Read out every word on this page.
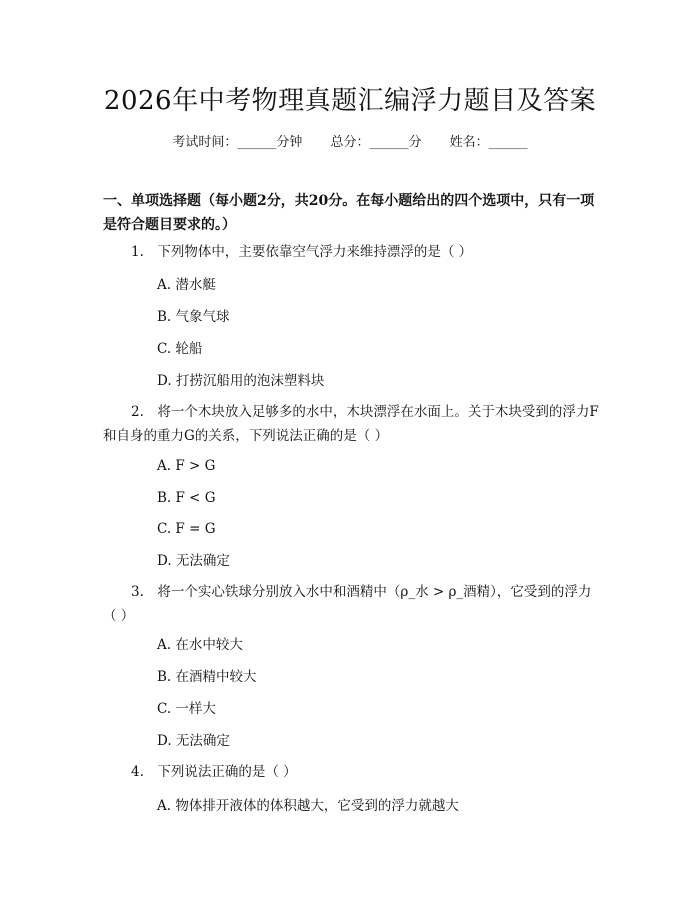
2026年中考物理真题汇编浮力题目及答案
考试时间：______分钟 总分：______分 姓名：______
一、单项选择题（每小题2分，共20分。在每小题给出的四个选项中，只有一项是符合题目要求的。）
1.　下列物体中，主要依靠空气浮力来维持漂浮的是（ ）
A. 潜水艇
B. 气象气球
C. 轮船
D. 打捞沉船用的泡沫塑料块
2.　将一个木块放入足够多的水中，木块漂浮在水面上。关于木块受到的浮力F和自身的重力G的关系，下列说法正确的是（ ）
A. F > G
B. F < G
C. F = G
D. 无法确定
3.　将一个实心铁球分别放入水中和酒精中（ρ_水 > ρ_酒精），它受到的浮力（ ）
A. 在水中较大
B. 在酒精中较大
C. 一样大
D. 无法确定
4.　下列说法正确的是（ ）
A. 物体排开液体的体积越大，它受到的浮力就越大
